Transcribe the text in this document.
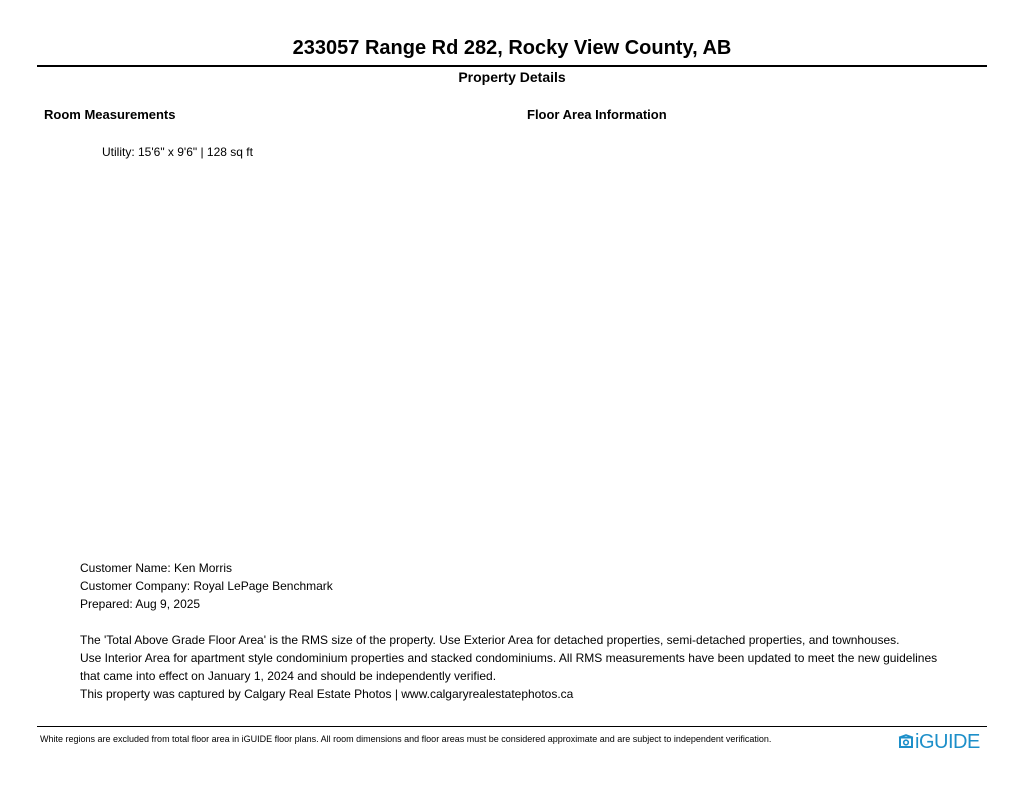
233057 Range Rd 282, Rocky View County, AB
Property Details
Room Measurements	Floor Area Information
Utility: 15'6" x 9'6" | 128 sq ft
Customer Name: Ken Morris
Customer Company: Royal LePage Benchmark
Prepared: Aug 9, 2025
The 'Total Above Grade Floor Area' is the RMS size of the property. Use Exterior Area for detached properties, semi-detached properties, and townhouses.
Use Interior Area for apartment style condominium properties and stacked condominiums. All RMS measurements have been updated to meet the new guidelines
that came into effect on January 1, 2024 and should be independently verified.
This property was captured by Calgary Real Estate Photos | www.calgaryrealestatephotos.ca
White regions are excluded from total floor area in iGUIDE floor plans. All room dimensions and floor areas must be considered approximate and are subject to independent verification.	iGUIDE
